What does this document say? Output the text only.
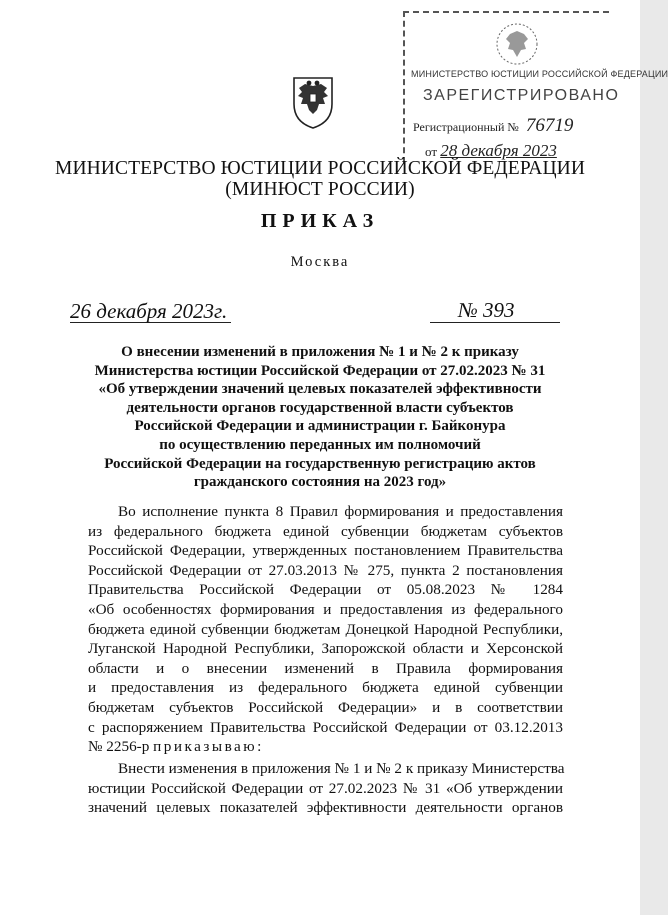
МИНИСТЕРСТВО ЮСТИЦИИ РОССИЙСКОЙ ФЕДЕРАЦИИ
ЗАРЕГИСТРИРОВАНО
Регистрационный № 76719
от 28 декабря 2023
МИНИСТЕРСТВО ЮСТИЦИИ РОССИЙСКОЙ ФЕДЕРАЦИИ
(МИНЮСТ РОССИИ)
ПРИКАЗ
Москва
26 декабря 2023г.	№ 393
О внесении изменений в приложения № 1 и № 2 к приказу
Министерства юстиции Российской Федерации от 27.02.2023 № 31
«Об утверждении значений целевых показателей эффективности
деятельности органов государственной власти субъектов
Российской Федерации и администрации г. Байконура
по осуществлению переданных им полномочий
Российской Федерации на государственную регистрацию актов
гражданского состояния на 2023 год»
Во исполнение пункта 8 Правил формирования и предоставления
из федерального бюджета единой субвенции бюджетам субъектов
Российской Федерации, утвержденных постановлением Правительства
Российской Федерации от 27.03.2013 № 275, пункта 2 постановления
Правительства Российской Федерации от 05.08.2023 № 1284
«Об особенностях формирования и предоставления из федерального
бюджета единой субвенции бюджетам Донецкой Народной Республики,
Луганской Народной Республики, Запорожской области и Херсонской
области и о внесении изменений в Правила формирования
и предоставления из федерального бюджета единой субвенции
бюджетам субъектов Российской Федерации» и в соответствии
с распоряжением Правительства Российской Федерации от 03.12.2013
№ 2256-р приказываю:
Внести изменения в приложения № 1 и № 2 к приказу Министерства
юстиции Российской Федерации от 27.02.2023 № 31 «Об утверждении
значений целевых показателей эффективности деятельности органов
